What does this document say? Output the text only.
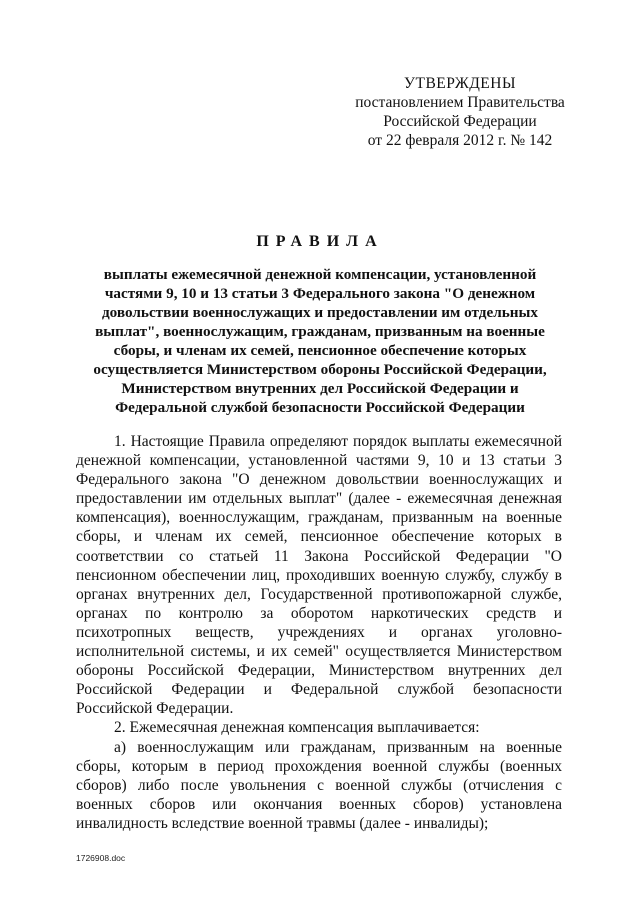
УТВЕРЖДЕНЫ
постановлением Правительства
Российской Федерации
от 22 февраля 2012 г. № 142
ПРАВИЛА
выплаты ежемесячной денежной компенсации, установленной частями 9, 10 и 13 статьи 3 Федерального закона "О денежном довольствии военнослужащих и предоставлении им отдельных выплат", военнослужащим, гражданам, призванным на военные сборы, и членам их семей, пенсионное обеспечение которых осуществляется Министерством обороны Российской Федерации, Министерством внутренних дел Российской Федерации и Федеральной службой безопасности Российской Федерации

1. Настоящие Правила определяют порядок выплаты ежемесячной денежной компенсации, установленной частями 9, 10 и 13 статьи 3 Федерального закона "О денежном довольствии военнослужащих и предоставлении им отдельных выплат" (далее - ежемесячная денежная компенсация), военнослужащим, гражданам, призванным на военные сборы, и членам их семей, пенсионное обеспечение которых в соответствии со статьей 11 Закона Российской Федерации "О пенсионном обеспечении лиц, проходивших военную службу, службу в органах внутренних дел, Государственной противопожарной службе, органах по контролю за оборотом наркотических средств и психотропных веществ, учреждениях и органах уголовно-исполнительной системы, и их семей" осуществляется Министерством обороны Российской Федерации, Министерством внутренних дел Российской Федерации и Федеральной службой безопасности Российской Федерации.

2. Ежемесячная денежная компенсация выплачивается:

а) военнослужащим или гражданам, призванным на военные сборы, которым в период прохождения военной службы (военных сборов) либо после увольнения с военной службы (отчисления с военных сборов или окончания военных сборов) установлена инвалидность вследствие военной травмы (далее - инвалиды);

1726908.doc
